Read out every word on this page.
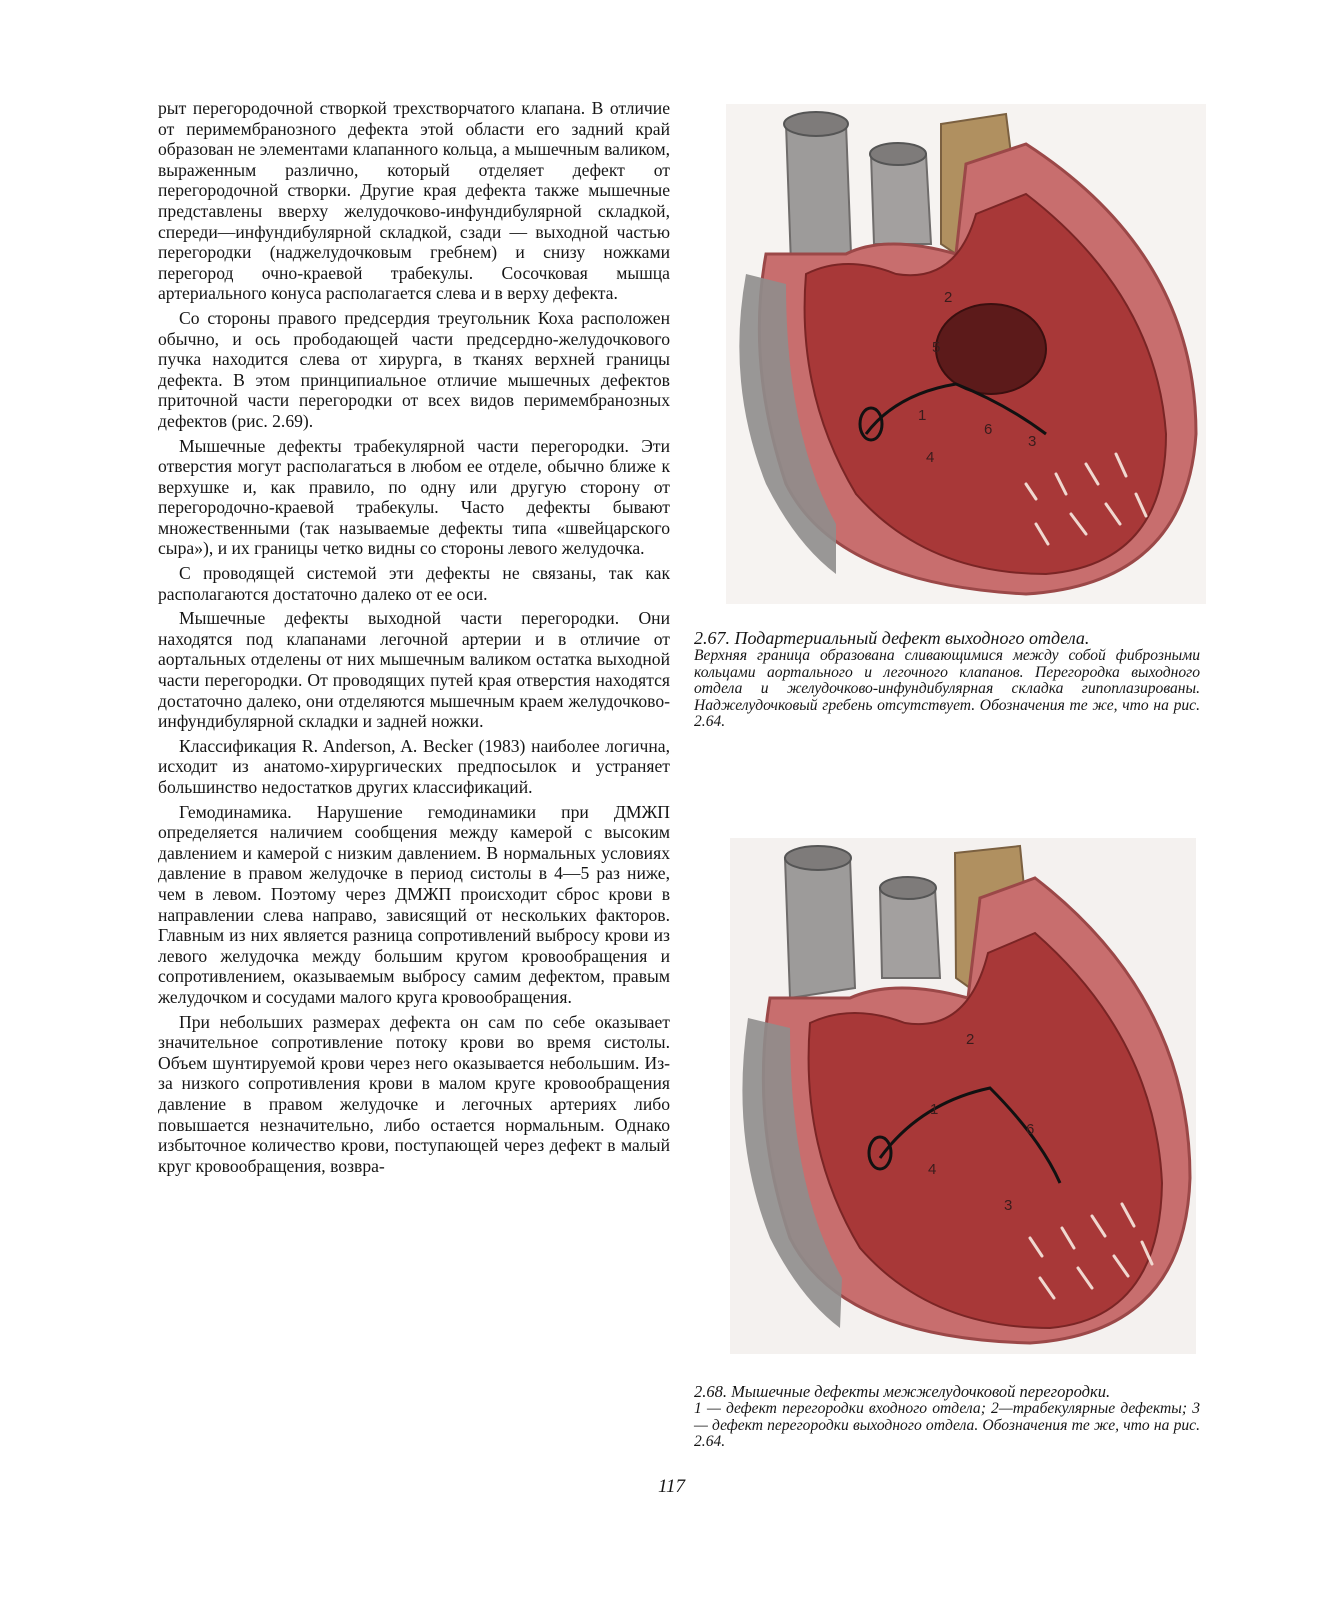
рыт перегородочной створкой трехстворчатого клапана. В отличие от перимембранозного дефекта этой области его задний край образован не элементами клапанного кольца, а мышечным валиком, выраженным различно, который отделяет дефект от перегородочной створки. Другие края дефекта также мышечные представлены вверху желудочково-инфундибулярной складкой, спереди—инфундибулярной складкой, сзади — выходной частью перегородки (наджелудочковым гребнем) и снизу ножками перегород очно-краевой трабекулы. Сосочковая мышца артериального конуса располагается слева и в верху дефекта.

Со стороны правого предсердия треугольник Коха расположен обычно, и ось прободающей части предсердно-желудочкового пучка находится слева от хирурга, в тканях верхней границы дефекта. В этом принципиальное отличие мышечных дефектов приточной части перегородки от всех видов перимембранозных дефектов (рис. 2.69).

Мышечные дефекты трабекулярной части перегородки. Эти отверстия могут располагаться в любом ее отделе, обычно ближе к верхушке и, как правило, по одну или другую сторону от перегородочно-краевой трабекулы. Часто дефекты бывают множественными (так называемые дефекты типа «швейцарского сыра»), и их границы четко видны со стороны левого желудочка.

С проводящей системой эти дефекты не связаны, так как располагаются достаточно далеко от ее оси.

Мышечные дефекты выходной части перегородки. Они находятся под клапанами легочной артерии и в отличие от аортальных отделены от них мышечным валиком остатка выходной части перегородки. От проводящих путей края отверстия находятся достаточно далеко, они отделяются мышечным краем желудочково-инфундибулярной складки и задней ножки.

Классификация R. Anderson, A. Becker (1983) наиболее логична, исходит из анатомо-хирургических предпосылок и устраняет большинство недостатков других классификаций.

Гемодинамика. Нарушение гемодинамики при ДМЖП определяется наличием сообщения между камерой с высоким давлением и камерой с низким давлением. В нормальных условиях давление в правом желудочке в период систолы в 4—5 раз ниже, чем в левом. Поэтому через ДМЖП происходит сброс крови в направлении слева направо, зависящий от нескольких факторов. Главным из них является разница сопротивлений выбросу крови из левого желудочка между большим кругом кровообращения и сопротивлением, оказываемым выбросу самим дефектом, правым желудочком и сосудами малого круга кровообращения.

При небольших размерах дефекта он сам по себе оказывает значительное сопротивление потоку крови во время систолы. Объем шунтируемой крови через него оказывается небольшим. Из-за низкого сопротивления крови в малом круге кровообращения давление в правом желудочке и легочных артериях либо повышается незначительно, либо остается нормальным. Однако избыточное количество крови, поступающей через дефект в малый круг кровообращения, возвра-

2
5
1
6
3
4
2.67. Подартериальный дефект выходного отдела.
Верхняя граница образована сливающимися между собой фиброзными кольцами аортального и легочного клапанов. Перегородка выходного отдела и желудочково-инфундибулярная складка гипоплазированы. Наджелудочковый гребень отсутствует. Обозначения те же, что на рис. 2.64.
2
1
6
4
3
2.68. Мышечные дефекты межжелудочковой перегородки.
1 — дефект перегородки входного отдела; 2—трабекулярные дефекты; 3— дефект перегородки выходного отдела. Обозначения те же, что на рис. 2.64.
117
